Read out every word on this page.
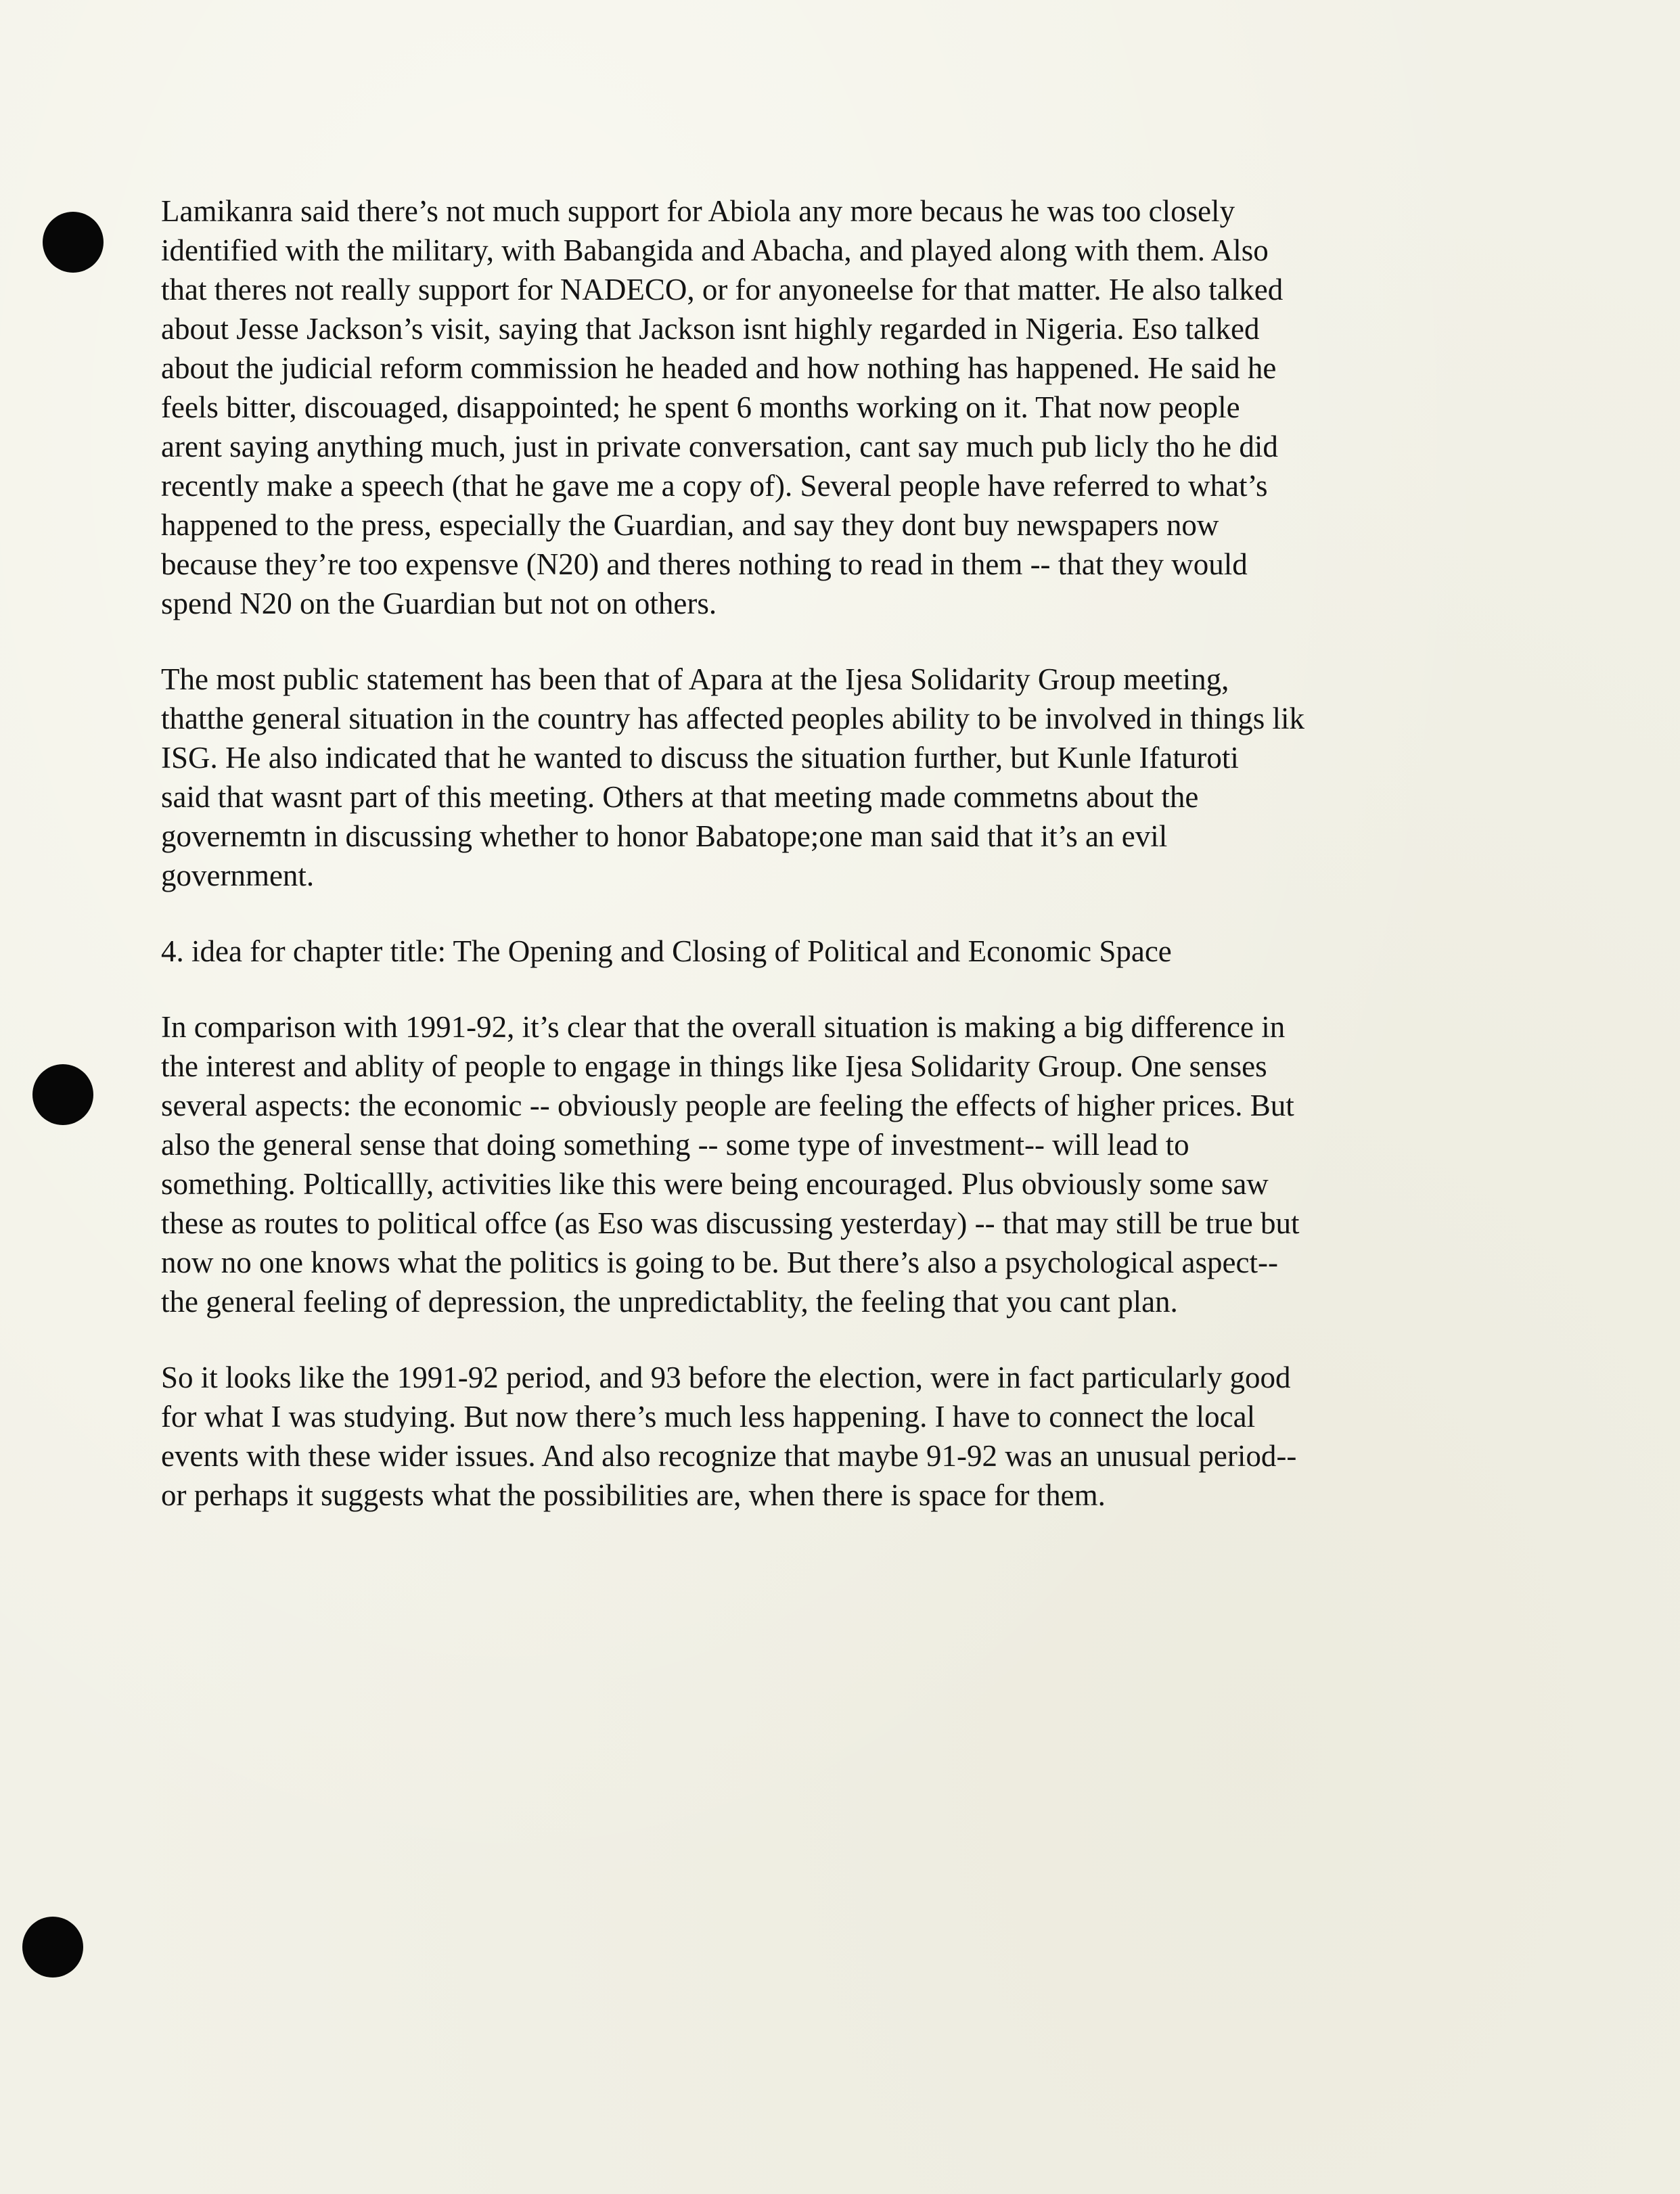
Lamikanra said there’s not much support for Abiola any more becaus he was too closely
identified with the military, with Babangida and Abacha, and played along with them. Also
that theres not really support for NADECO, or for anyoneelse for that matter. He also talked
about Jesse Jackson’s visit, saying that Jackson isnt highly regarded in Nigeria. Eso talked
about the judicial reform commission he headed and how nothing has happened. He said he
feels bitter, discouaged, disappointed; he spent 6 months working on it. That now people
arent saying anything much, just in private conversation, cant say much pub licly tho he did
recently make a speech (that he gave me a copy of). Several people have referred to what’s
happened to the press, especially the Guardian, and say they dont buy newspapers now
because they’re too expensve (N20) and theres nothing to read in them -- that they would
spend N20 on the Guardian but not on others.
The most public statement has been that of Apara at the Ijesa Solidarity Group meeting,
thatthe general situation in the country has affected peoples ability to be involved in things lik
ISG. He also indicated that he wanted to discuss the situation further, but Kunle Ifaturoti
said that wasnt part of this meeting. Others at that meeting made commetns about the
governemtn in discussing whether to honor Babatope;one man said that it’s an evil
government.
4. idea for chapter title: The Opening and Closing of Political and Economic Space
In comparison with 1991-92, it’s clear that the overall situation is making a big difference in
the interest and ablity of people to engage in things like Ijesa Solidarity Group. One senses
several aspects: the economic -- obviously people are feeling the effects of higher prices. But
also the general sense that doing something -- some type of investment-- will lead to
something. Polticallly, activities like this were being encouraged. Plus obviously some saw
these as routes to political offce (as Eso was discussing yesterday) -- that may still be true but
now no one knows what the politics is going to be. But there’s also a psychological aspect--
the general feeling of depression, the unpredictablity, the feeling that you cant plan.
So it looks like the 1991-92 period, and 93 before the election, were in fact particularly good
for what I was studying. But now there’s much less happening. I have to connect the local
events with these wider issues. And also recognize that maybe 91-92 was an unusual period--
or perhaps it suggests what the possibilities are, when there is space for them.
